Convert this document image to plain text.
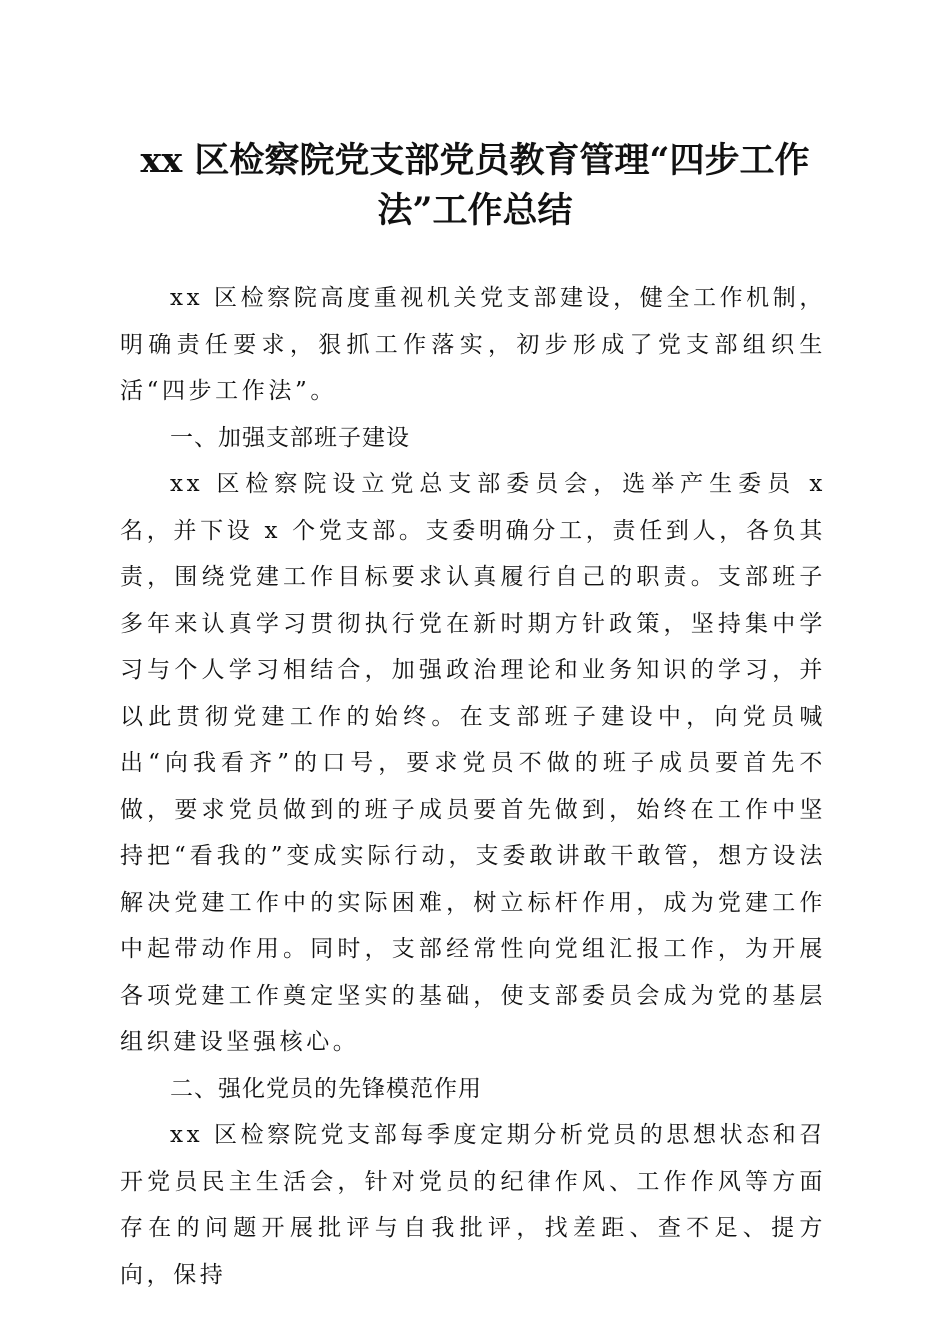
xx 区检察院党支部党员教育管理“四步工作
法”工作总结

xx 区检察院高度重视机关党支部建设，健全工作机制，明确责任要求，狠抓工作落实，初步形成了党支部组织生活“四步工作法”。

一、加强支部班子建设

xx 区检察院设立党总支部委员会，选举产生委员 x 名，并下设 x 个党支部。支委明确分工，责任到人，各负其责，围绕党建工作目标要求认真履行自己的职责。支部班子多年来认真学习贯彻执行党在新时期方针政策，坚持集中学习与个人学习相结合，加强政治理论和业务知识的学习，并以此贯彻党建工作的始终。在支部班子建设中，向党员喊出“向我看齐”的口号，要求党员不做的班子成员要首先不做，要求党员做到的班子成员要首先做到，始终在工作中坚持把“看我的”变成实际行动，支委敢讲敢干敢管，想方设法解决党建工作中的实际困难，树立标杆作用，成为党建工作中起带动作用。同时，支部经常性向党组汇报工作，为开展各项党建工作奠定坚实的基础，使支部委员会成为党的基层组织建设坚强核心。

二、强化党员的先锋模范作用

xx 区检察院党支部每季度定期分析党员的思想状态和召开党员民主生活会，针对党员的纪律作风、工作作风等方面存在的问题开展批评与自我批评，找差距、查不足、提方向，保持
